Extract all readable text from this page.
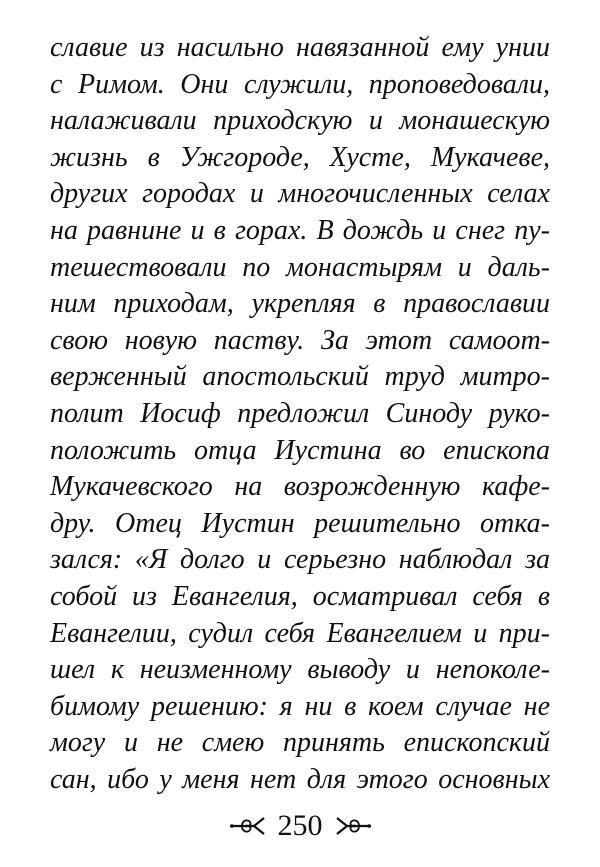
славие из насильно навязанной ему унии
с Римом. Они служили, проповедовали,
налаживали приходскую и монашескую
жизнь в Ужгороде, Хусте, Мукачеве,
других городах и многочисленных селах
на равнине и в горах. В дождь и снег пу-
тешествовали по монастырям и даль-
ним приходам, укрепляя в православии
свою новую паству. За этот самоот-
верженный апостольский труд митро-
полит Иосиф предложил Синоду руко-
положить отца Иустина во епископа
Мукачевского на возрожденную кафе-
дру. Отец Иустин решительно отка-
зался: «Я долго и серьезно наблюдал за
собой из Евангелия, осматривал себя в
Евангелии, судил себя Евангелием и при-
шел к неизменному выводу и непоколе-
бимому решению: я ни в коем случае не
могу и не смею принять епископский
сан, ибо у меня нет для этого основных
250
